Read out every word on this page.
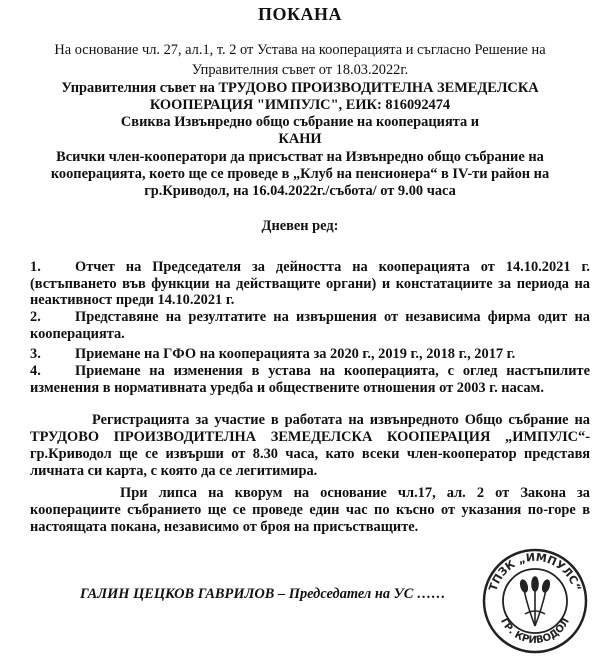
ПОКАНА
На основание чл. 27, ал.1, т. 2 от Устава на кооперацията и съгласно Решение на
Управителния съвет от 18.03.2022г.
Управителния съвет на ТРУДОВО ПРОИЗВОДИТЕЛНА ЗЕМЕДЕЛСКА
КООПЕРАЦИЯ "ИМПУЛС", ЕИК: 816092474
Свиква Извънредно общо събрание на кооперацията и
КАНИ
Всички член-кооператори да присъстват на Извънредно общо събрание на
кооперацията, което ще се проведе в „Клуб на пенсионера“ в IV-ти район на
гр.Криводол, на 16.04.2022г./събота/ от 9.00 часа
Дневен ред:
1.	Отчет на Председателя за дейността на кооперацията от 14.10.2021 г. (встъпването във функции на действащите органи) и констатациите за периода на неактивност преди 14.10.2021 г.
2.	Представяне на резултатите на извършения от независима фирма одит на кооперацията.
3.	Приемане на ГФО на кооперацията за 2020 г., 2019 г., 2018 г., 2017 г.
4.	Приемане на изменения в устава на кооперацията, с оглед настъпилите изменения в нормативната уредба и обществените отношения от 2003 г. насам.
Регистрацията за участие в работата на извънредното Общо събрание на ТРУДОВО ПРОИЗВОДИТЕЛНА ЗЕМЕДЕЛСКА КООПЕРАЦИЯ „ИМПУЛС“-гр.Криводол ще се извърши от 8.30 часа, като всеки член-кооператор представя личната си карта, с която да се легитимира.
При липса на кворум на основание чл.17, ал. 2 от Закона за кооперациите събранието ще се проведе един час по късно от указания по-горе в настоящата покана, независимо от броя на присъстващите.
ГАЛИН ЦЕЦКОВ ГАВРИЛОВ – Председател на УС ……	ТПЗК „ИМПУЛС“
ГР. КРИВОДОЛ
